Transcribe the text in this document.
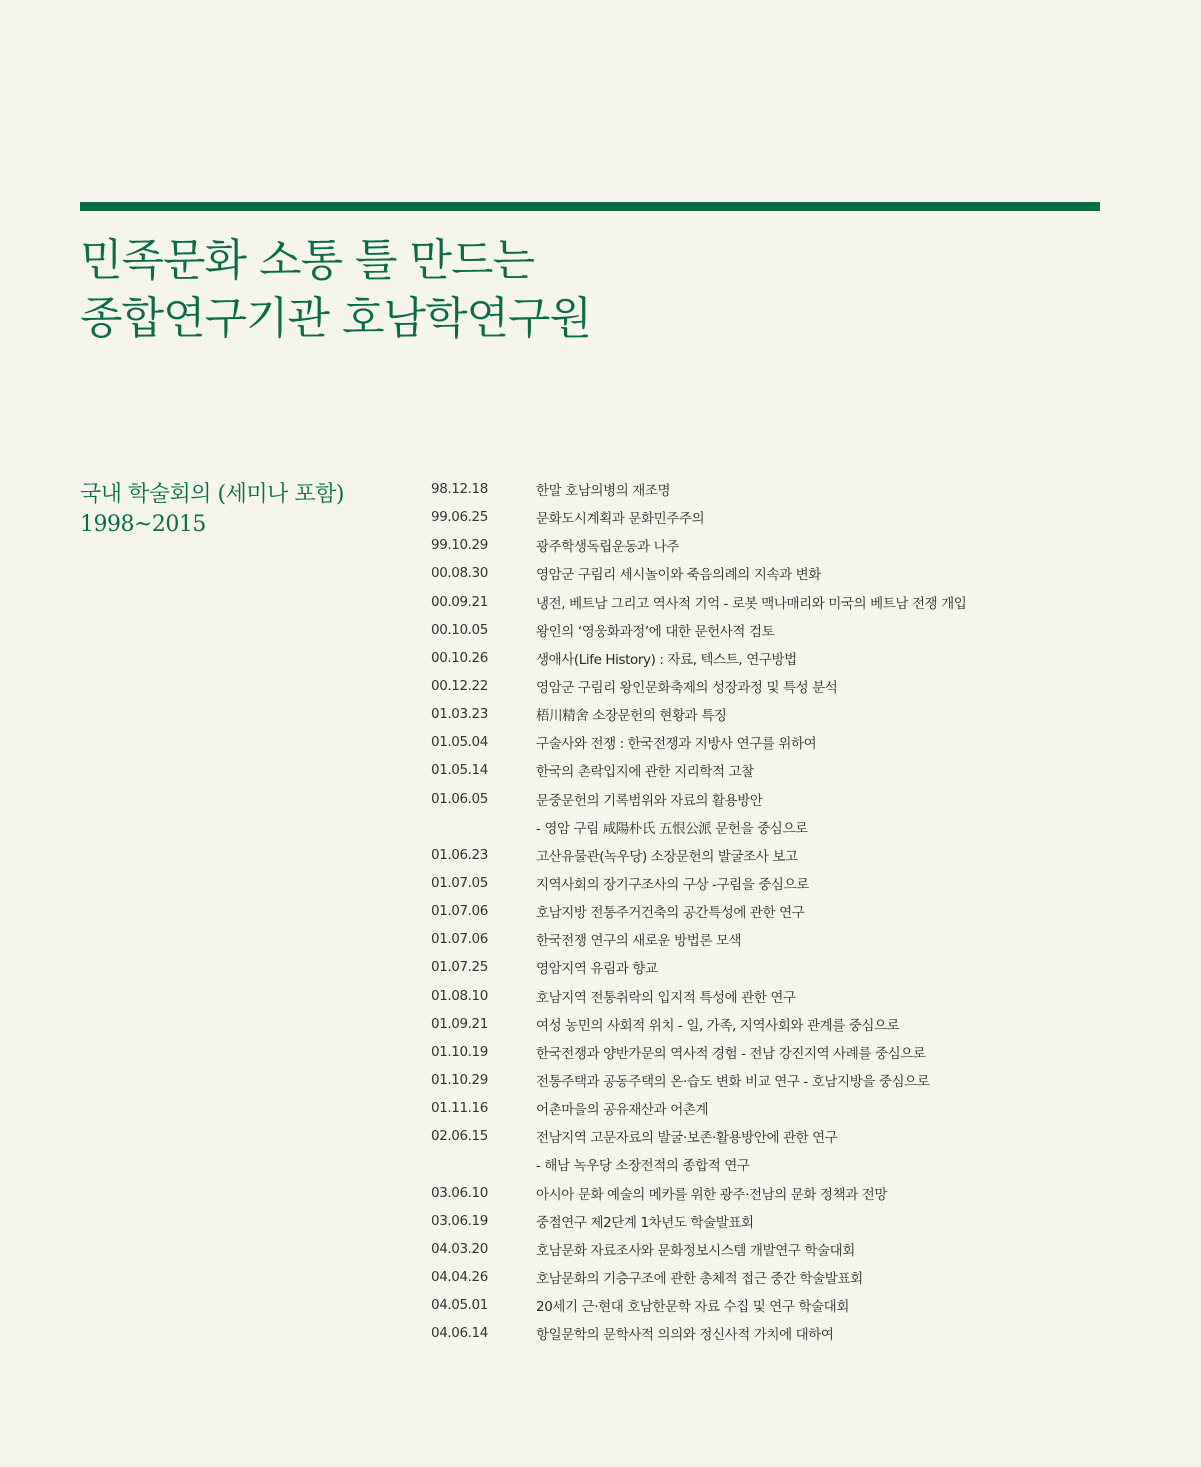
민족문화 소통 틀 만드는
종합연구기관 호남학연구원
국내 학술회의 (세미나 포함)
1998~2015
98.12.18	한말 호남의병의 재조명
99.06.25	문화도시계획과 문화민주주의
99.10.29	광주학생독립운동과 나주
00.08.30	영암군 구림리 세시놀이와 죽음의례의 지속과 변화
00.09.21	냉전, 베트남 그리고 역사적 기억 - 로봇 맥나매리와 미국의 베트남 전쟁 개입
00.10.05	왕인의 ‘영웅화과정’에 대한 문헌사적 검토
00.10.26	생애사(Life History) : 자료, 텍스트, 연구방법
00.12.22	영암군 구림리 왕인문화축제의 성장과정 및 특성 분석
01.03.23	梧川精舍 소장문헌의 현황과 특징
01.05.04	구술사와 전쟁 : 한국전쟁과 지방사 연구를 위하여
01.05.14	한국의 촌락입지에 관한 지리학적 고찰
01.06.05	문중문헌의 기록범위와 자료의 활용방안
- 영암 구림 咸陽朴氏 五恨公派 문헌을 중심으로
01.06.23	고산유물관(녹우당) 소장문헌의 발굴조사 보고
01.07.05	지역사회의 장기구조사의 구상 -구림을 중심으로
01.07.06	호남지방 전통주거건축의 공간특성에 관한 연구
01.07.06	한국전쟁 연구의 새로운 방법론 모색
01.07.25	영암지역 유림과 향교
01.08.10	호남지역 전통취락의 입지적 특성에 관한 연구
01.09.21	여성 농민의 사회적 위치 - 일, 가족, 지역사회와 관계를 중심으로
01.10.19	한국전쟁과 양반가문의 역사적 경험 - 전남 강진지역 사례를 중심으로
01.10.29	전통주택과 공동주택의 온·습도 변화 비교 연구 - 호남지방을 중심으로
01.11.16	어촌마을의 공유재산과 어촌계
02.06.15	전남지역 고문자료의 발굴·보존·활용방안에 관한 연구
- 해남 녹우당 소장전적의 종합적 연구
03.06.10	아시아 문화 예술의 메카를 위한 광주·전남의 문화 정책과 전망
03.06.19	중점연구 제2단계 1차년도 학술발표회
04.03.20	호남문화 자료조사와 문화정보시스템 개발연구 학술대회
04.04.26	호남문화의 기층구조에 관한 총체적 접근 중간 학술발표회
04.05.01	20세기 근·현대 호남한문학 자료 수집 및 연구 학술대회
04.06.14	항일문학의 문학사적 의의와 정신사적 가치에 대하여
